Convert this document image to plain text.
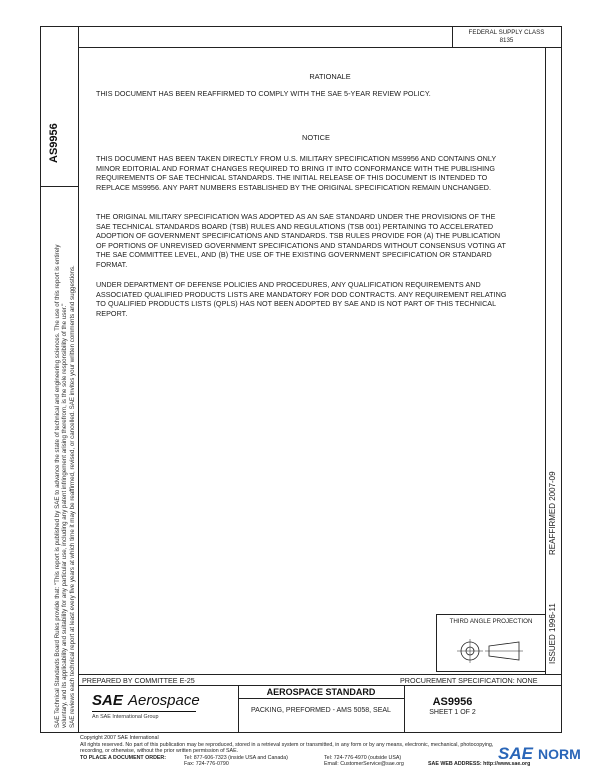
FEDERAL SUPPLY CLASS
8135
AS9956
SAE Technical Standards Board Rules provide that: "This report is published by SAE to advance the state of technical and engineering sciences. The use of this report is entirely voluntary, and its applicability and suitability for any particular use, including any patent infringement arising therefrom, is the sole responsibility of the user." SAE reviews each technical report at least every five years at which time it may be reaffirmed, revised, or cancelled. SAE invites your written comments and suggestions.
RATIONALE
THIS DOCUMENT HAS BEEN REAFFIRMED TO COMPLY WITH THE SAE 5-YEAR REVIEW POLICY.
NOTICE
THIS DOCUMENT HAS BEEN TAKEN DIRECTLY FROM U.S. MILITARY SPECIFICATION MS9956 AND CONTAINS ONLY MINOR EDITORIAL AND FORMAT CHANGES REQUIRED TO BRING IT INTO CONFORMANCE WITH THE PUBLISHING REQUIREMENTS OF SAE TECHNICAL STANDARDS. THE INITIAL RELEASE OF THIS DOCUMENT IS INTENDED TO REPLACE MS9956. ANY PART NUMBERS ESTABLISHED BY THE ORIGINAL SPECIFICATION REMAIN UNCHANGED.
THE ORIGINAL MILITARY SPECIFICATION WAS ADOPTED AS AN SAE STANDARD UNDER THE PROVISIONS OF THE SAE TECHNICAL STANDARDS BOARD (TSB) RULES AND REGULATIONS (TSB 001) PERTAINING TO ACCELERATED ADOPTION OF GOVERNMENT SPECIFICATIONS AND STANDARDS. TSB RULES PROVIDE FOR (A) THE PUBLICATION OF PORTIONS OF UNREVISED GOVERNMENT SPECIFICATIONS AND STANDARDS WITHOUT CONSENSUS VOTING AT THE SAE COMMITTEE LEVEL, AND (B) THE USE OF THE EXISTING GOVERNMENT SPECIFICATION OR STANDARD FORMAT.
UNDER DEPARTMENT OF DEFENSE POLICIES AND PROCEDURES, ANY QUALIFICATION REQUIREMENTS AND ASSOCIATED QUALIFIED PRODUCTS LISTS ARE MANDATORY FOR DOD CONTRACTS. ANY REQUIREMENT RELATING TO QUALIFIED PRODUCTS LISTS (QPLS) HAS NOT BEEN ADOPTED BY SAE AND IS NOT PART OF THIS TECHNICAL REPORT.
REAFFIRMED 2007-09
ISSUED 1996-11
THIRD ANGLE PROJECTION
PREPARED BY COMMITTEE E-25	PROCUREMENT SPECIFICATION: NONE
SAE Aerospace
An SAE International Group
AEROSPACE STANDARD
PACKING, PREFORMED - AMS 5058, SEAL
AS9956
SHEET 1 OF 2
Copyright 2007 SAE International
All rights reserved. No part of this publication may be reproduced, stored in a retrieval system or transmitted, in any form or by any means, electronic, mechanical, photocopying,
recording, or otherwise, without the prior written permission of SAE.
TO PLACE A DOCUMENT ORDER:	Tel: 877-606-7323 (inside USA and Canada)	Tel: 724-776-4970 (outside USA)
Fax: 724-776-0790	Email: CustomerService@sae.org	SAE WEB ADDRESS: http://www.sae.org
SAE NORM
